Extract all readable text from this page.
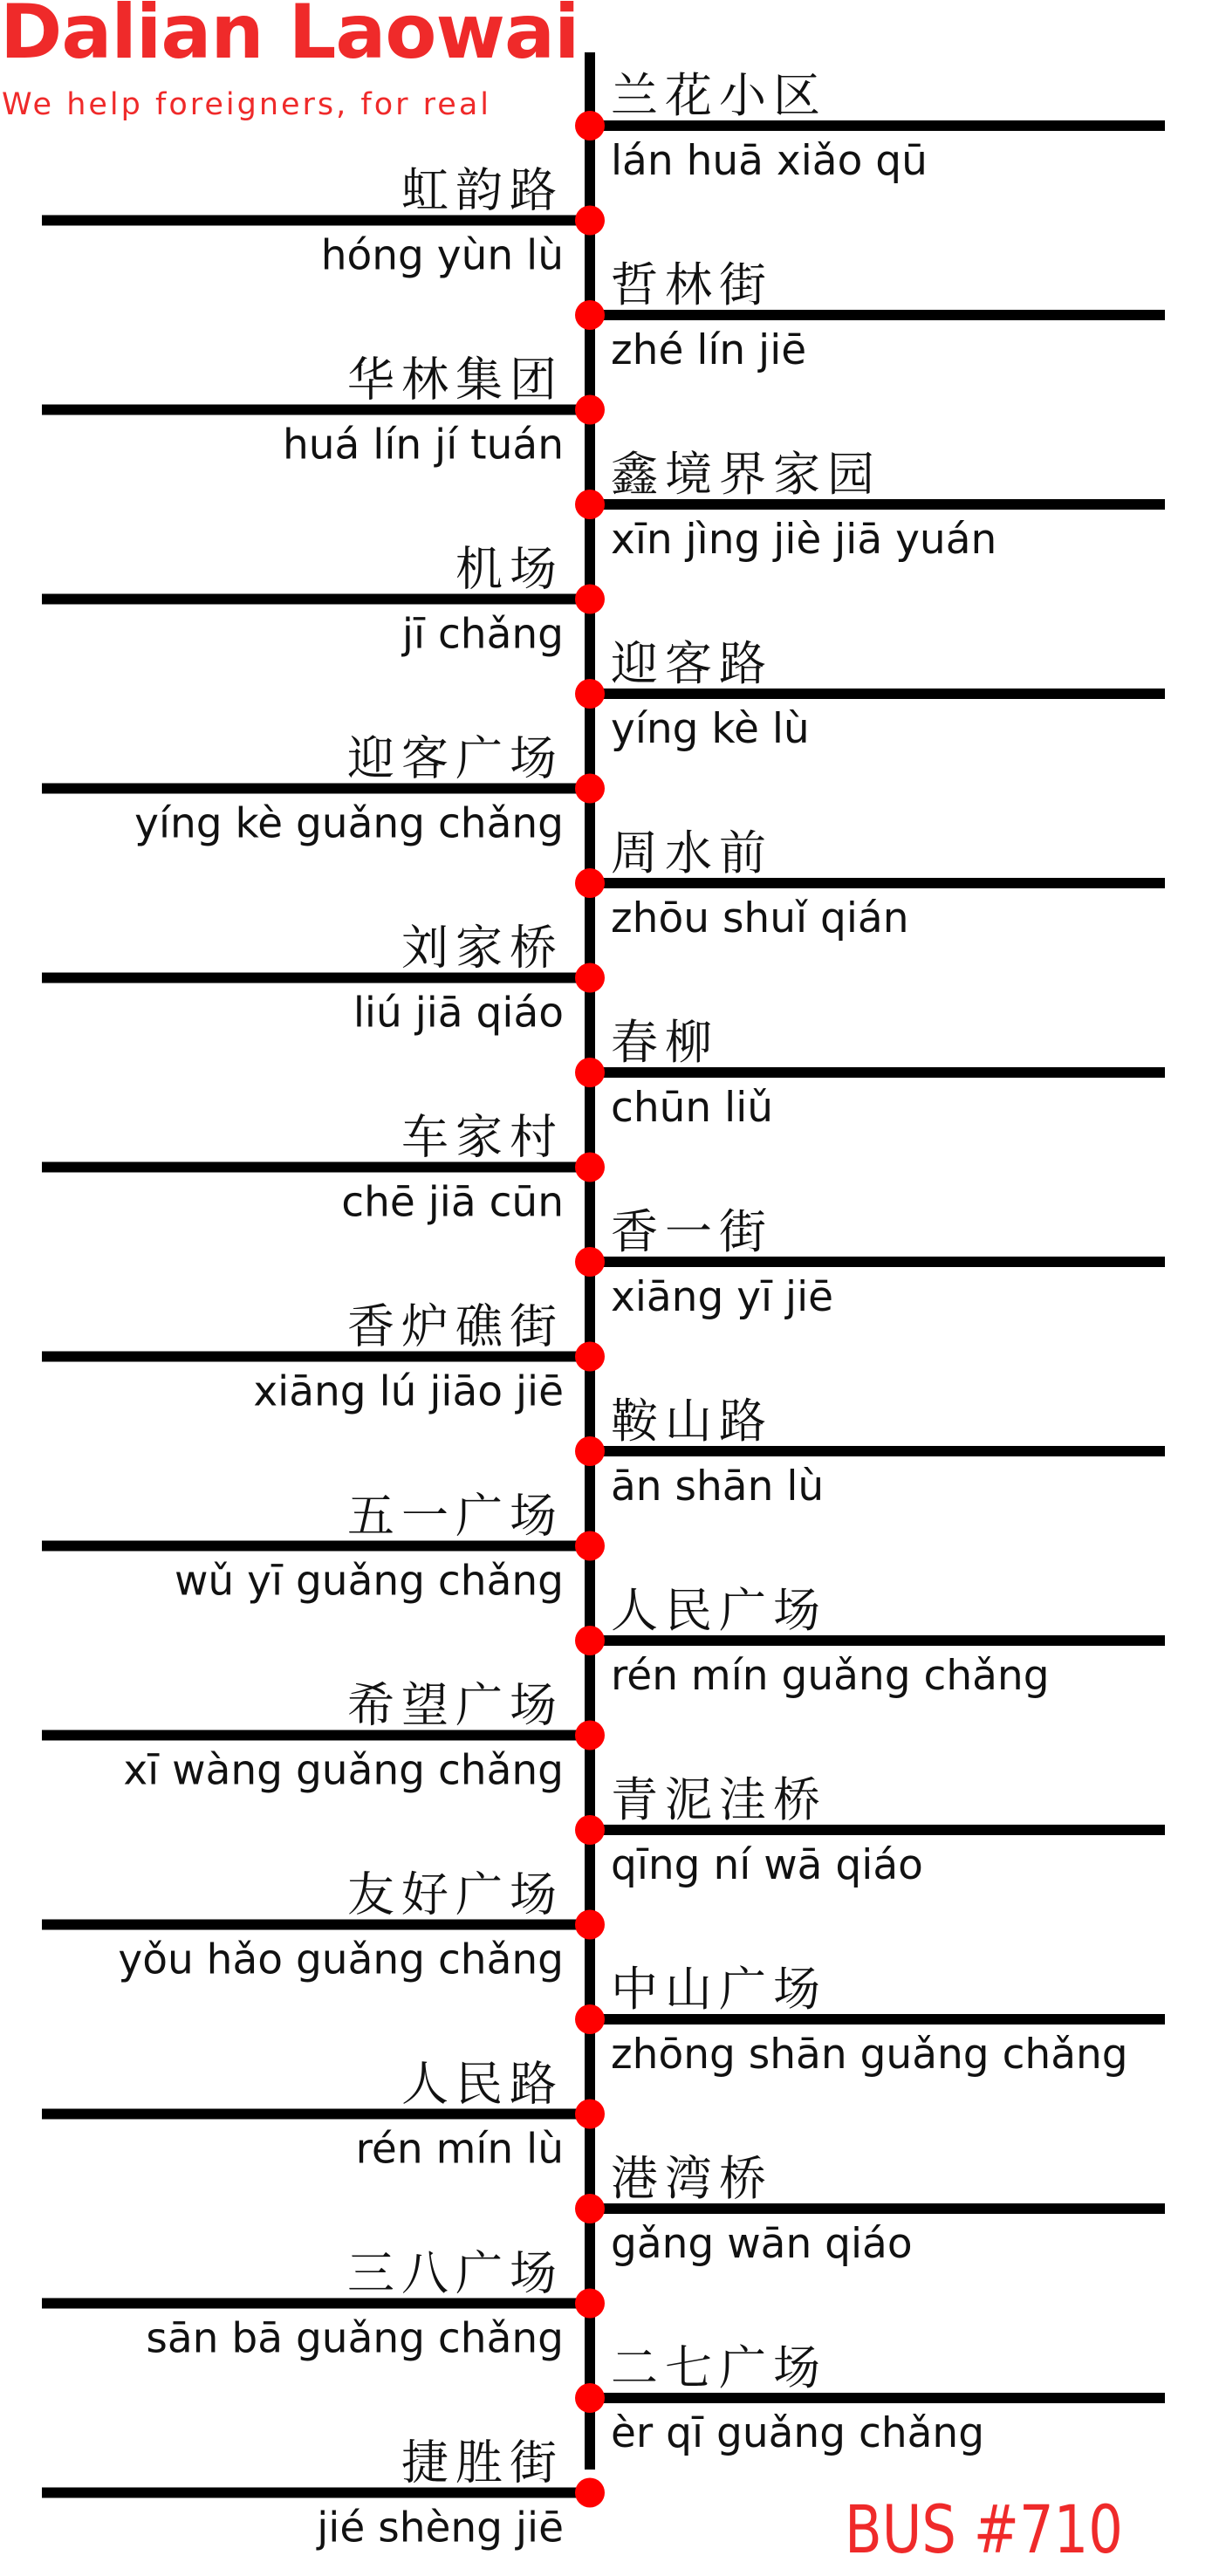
兰花小区
lán huā xiǎo qū
虹韵路
hóng yùn lù
哲林街
zhé lín jiē
华林集团
huá lín jí tuán
鑫境界家园
xīn jìng jiè jiā yuán
机场
jī chǎng
迎客路
yíng kè lù
迎客广场
yíng kè guǎng chǎng
周水前
zhōu shuǐ qián
刘家桥
liú jiā qiáo
春柳
chūn liǔ
车家村
chē jiā cūn
香一街
xiāng yī jiē
香炉礁街
xiāng lú jiāo jiē
鞍山路
ān shān lù
五一广场
wǔ yī guǎng chǎng
人民广场
rén mín guǎng chǎng
希望广场
xī wàng guǎng chǎng
青泥洼桥
qīng ní wā qiáo
友好广场
yǒu hǎo guǎng chǎng
中山广场
zhōng shān guǎng chǎng
人民路
rén mín lù
港湾桥
gǎng wān qiáo
三八广场
sān bā guǎng chǎng
二七广场
èr qī guǎng chǎng
捷胜街
jié shèng jiē
Dalian Laowai
We help foreigners, for real
BUS #710
